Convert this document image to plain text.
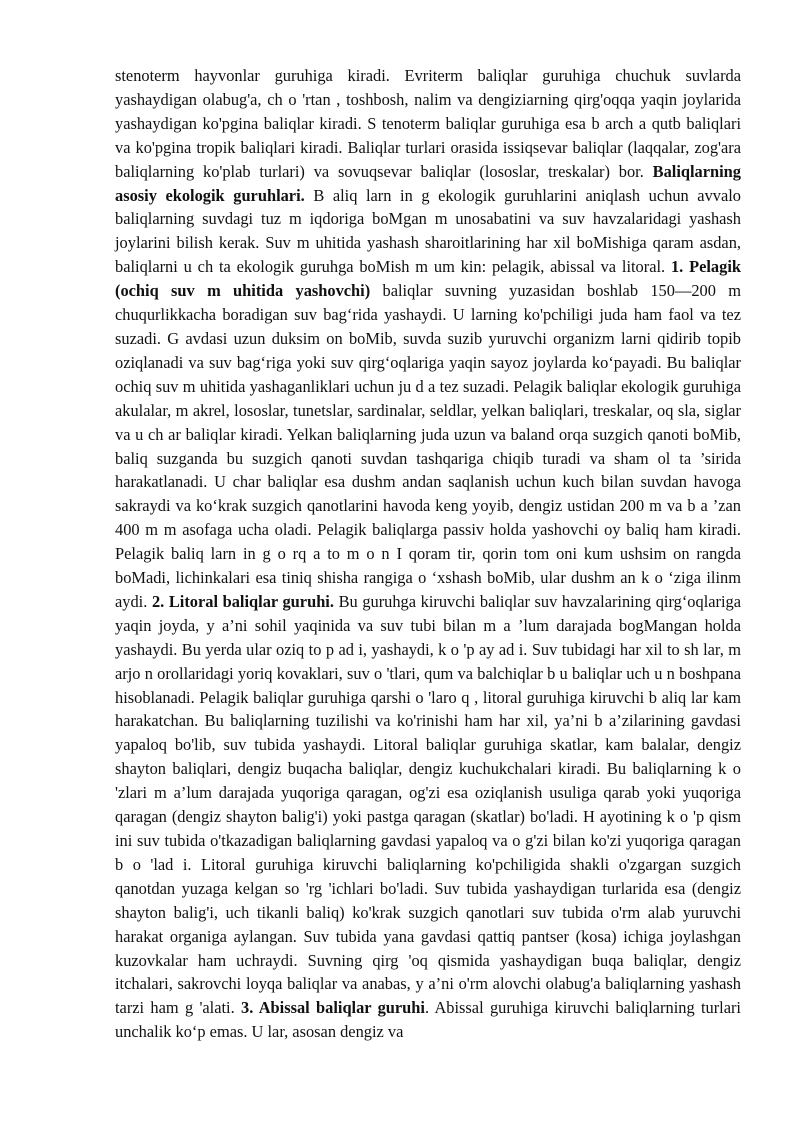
stenoterm hayvonlar guruhiga kiradi. Evriterm baliqlar guruhiga chuchuk suvlarda yashaydigan olabug'a, ch o 'rtan , toshbosh, nalim va dengiziarning qirg'oqqa yaqin joylarida yashaydigan ko'pgina baliqlar kiradi. S tenoterm baliqlar guruhiga esa b arch a qutb baliqlari va ko'pgina tropik baliqlari kiradi. Baliqlar turlari orasida issiqsevar baliqlar (laqqalar, zog'ara baliqlarning ko'plab turlari) va sovuqsevar baliqlar (lososlar, treskalar) bor. Baliqlarning asosiy ekologik guruhlari. B aliq larn in g ekologik guruhlarini aniqlash uchun avvalo baliqlarning suvdagi tuz m iqdoriga boMgan m unosabatini va suv havzalaridagi yashash joylarini bilish kerak. Suv m uhitida yashash sharoitlarining har xil boMishiga qaram asdan, baliqlarni u ch ta ekologik guruhga boMish m um kin: pelagik, abissal va litoral. 1. Pelagik (ochiq suv m uhitida yashovchi) baliqlar suvning yuzasidan boshlab 150—200 m chuqurlikkacha boradigan suv bag‘rida yashaydi. U larning ko'pchiligi juda ham faol va tez suzadi. G avdasi uzun duksim on boMib, suvda suzib yuruvchi organizm larni qidirib topib oziqlanadi va suv bag‘riga yoki suv qirg‘oqlariga yaqin sayoz joylarda ko‘payadi. Bu baliqlar ochiq suv m uhitida yashaganliklari uchun ju d a tez suzadi. Pelagik baliqlar ekologik guruhiga akulalar, m akrel, lososlar, tunetslar, sardinalar, seldlar, yelkan baliqlari, treskalar, oq sla, siglar va u ch ar baliqlar kiradi. Yelkan baliqlarning juda uzun va baland orqa suzgich qanoti boMib, baliq suzganda bu suzgich qanoti suvdan tashqariga chiqib turadi va sham ol ta ’sirida harakatlanadi. U char baliqlar esa dushm andan saqlanish uchun kuch bilan suvdan havoga sakraydi va ko‘krak suzgich qanotlarini havoda keng yoyib, dengiz ustidan 200 m va b a ’zan 400 m m asofaga ucha oladi. Pelagik baliqlarga passiv holda yashovchi oy baliq ham kiradi. Pelagik baliq larn in g o rq a to m o n I qoram tir, qorin tom oni kum ushsim on rangda boMadi, lichinkalari esa tiniq shisha rangiga o ‘xshash boMib, ular dushm an k o ‘ziga ilinm aydi. 2. Litoral baliqlar guruhi. Bu guruhga kiruvchi baliqlar suv havzalarining qirg‘oqlariga yaqin joyda, y a’ni sohil yaqinida va suv tubi bilan m a ’lum darajada bogMangan holda yashaydi. Bu yerda ular oziq to p ad i, yashaydi, k o 'p ay ad i. Suv tubidagi har xil to sh lar, m arjo n orollaridagi yoriq kovaklari, suv o 'tlari, qum va balchiqlar b u baliqlar uch u n boshpana hisoblanadi. Pelagik baliqlar guruhiga qarshi o 'laro q , litoral guruhiga kiruvchi b aliq lar kam harakatchan. Bu baliqlarning tuzilishi va ko'rinishi ham har xil, ya’ni b a’zilarining gavdasi yapaloq bo'lib, suv tubida yashaydi. Litoral baliqlar guruhiga skatlar, kam balalar, dengiz shayton baliqlari, dengiz buqacha baliqlar, dengiz kuchukchalari kiradi. Bu baliqlarning k o 'zlari m a’lum darajada yuqoriga qaragan, og'zi esa oziqlanish usuliga qarab yoki yuqoriga qaragan (dengiz shayton balig'i) yoki pastga qaragan (skatlar) bo'ladi. H ayotining k o 'p qism ini suv tubida o'tkazadigan baliqlarning gavdasi yapaloq va o g'zi bilan ko'zi yuqoriga qaragan b o 'lad i. Litoral guruhiga kiruvchi baliqlarning ko'pchiligida shakli o'zgargan suzgich qanotdan yuzaga kelgan so 'rg 'ichlari bo'ladi. Suv tubida yashaydigan turlarida esa (dengiz shayton balig'i, uch tikanli baliq) ko'krak suzgich qanotlari suv tubida o'rm alab yuruvchi harakat organiga aylangan. Suv tubida yana gavdasi qattiq pantser (kosa) ichiga joylashgan kuzovkalar ham uchraydi. Suvning qirg 'oq qismida yashaydigan buqa baliqlar, dengiz itchalari, sakrovchi loyqa baliqlar va anabas, y a’ni o'rm alovchi olabug'a baliqlarning yashash tarzi ham g 'alati. 3. Abissal baliqlar guruhi. Abissal guruhiga kiruvchi baliqlarning turlari unchalik ko‘p emas. U lar, asosan dengiz va
